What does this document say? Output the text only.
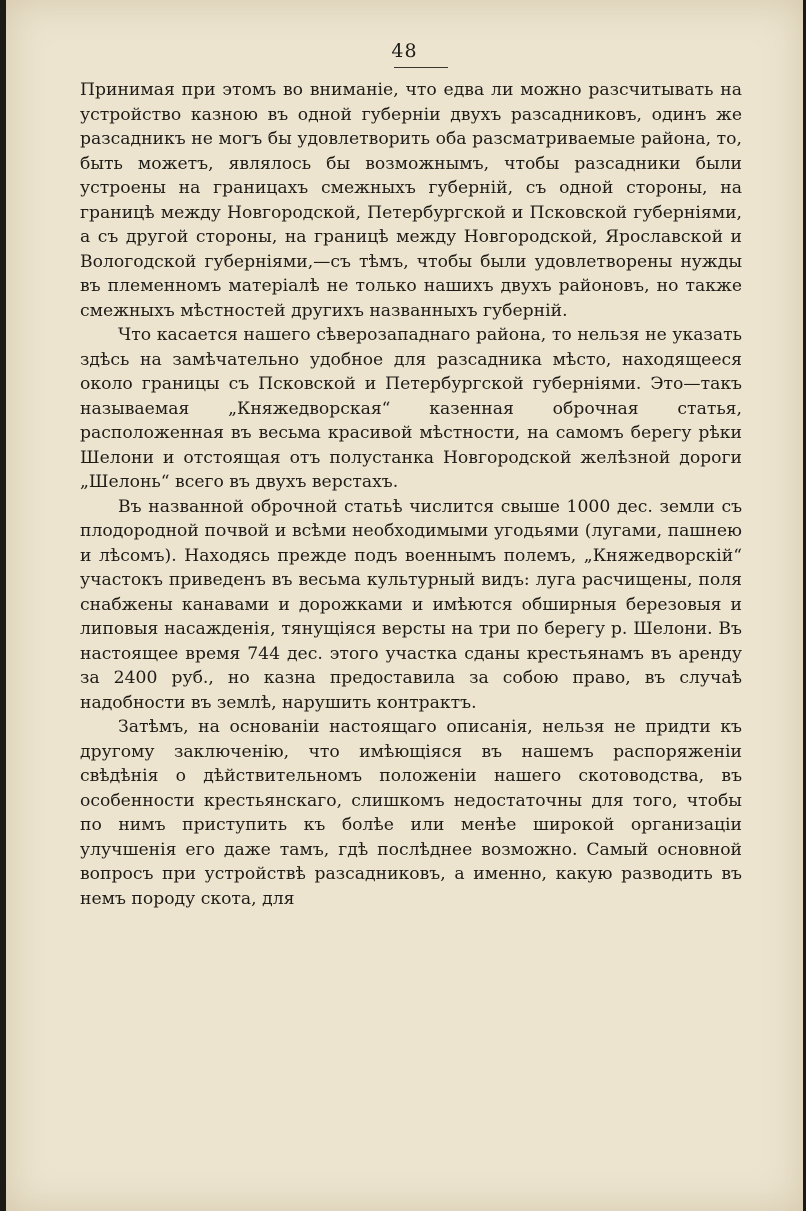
48

Принимая при этомъ во вниманіе, что едва ли можно разсчитывать на устройство казною въ одной губерніи двухъ разсадниковъ, одинъ же разсадникъ не могъ бы удовлетворить оба разсматриваемые района, то, быть можетъ, являлось бы возможнымъ, чтобы разсадники были устроены на границахъ смежныхъ губерній, съ одной стороны, на границѣ между Новгородской, Петербургской и Псковской губерніями, а съ другой стороны, на границѣ между Новгородской, Ярославской и Вологодской губерніями,—съ тѣмъ, чтобы были удовлетворены нужды въ племенномъ матеріалѣ не только нашихъ двухъ районовъ, но также смежныхъ мѣстностей другихъ названныхъ губерній.

Что касается нашего сѣверозападнаго района, то нельзя не указать здѣсь на замѣчательно удобное для разсадника мѣсто, находящееся около границы съ Псковской и Петербургской губерніями. Это—такъ называемая „Княжедворская“ казенная оброчная статья, расположенная въ весьма красивой мѣстности, на самомъ берегу рѣки Шелони и отстоящая отъ полустанка Новгородской желѣзной дороги „Шелонь“ всего въ двухъ верстахъ.

Въ названной оброчной статьѣ числится свыше 1000 дес. земли съ плодородной почвой и всѣми необходимыми угодьями (лугами, пашнею и лѣсомъ). Находясь прежде подъ военнымъ полемъ, „Княжедворскій“ участокъ приведенъ въ весьма культурный видъ: луга расчищены, поля снабжены канавами и дорожками и имѣются обширныя березовыя и липовыя насажденія, тянущіяся версты на три по берегу р. Шелони. Въ настоящее время 744 дес. этого участка сданы крестьянамъ въ аренду за 2400 руб., но казна предоставила за собою право, въ случаѣ надобности въ землѣ, нарушить контрактъ.

Затѣмъ, на основаніи настоящаго описанія, нельзя не придти къ другому заключенію, что имѣющіяся въ нашемъ распоряженіи свѣдѣнія о дѣйствительномъ положеніи нашего скотоводства, въ особенности крестьянскаго, слишкомъ недостаточны для того, чтобы по нимъ приступить къ болѣе или менѣе широкой организаціи улучшенія его даже тамъ, гдѣ послѣднее возможно. Самый основной вопросъ при устройствѣ разсадниковъ, а именно, какую разводить въ немъ породу скота, для
